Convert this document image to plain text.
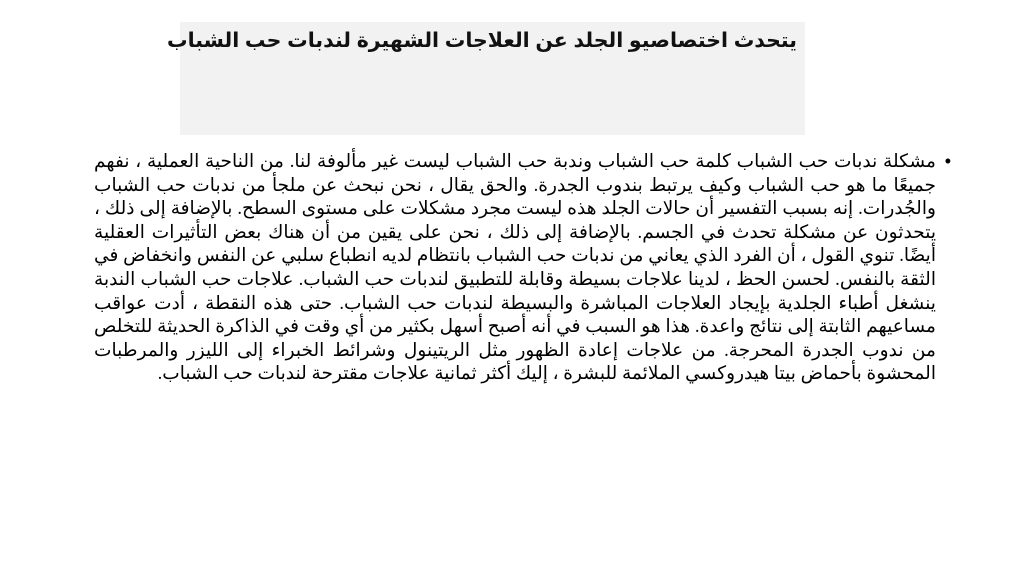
يتحدث اختصاصيو الجلد عن العلاجات الشهيرة لندبات حب الشباب
•

مشكلة ندبات حب الشباب كلمة حب الشباب وندبة حب الشباب ليست غير مألوفة لنا. من الناحية العملية ، نفهم جميعًا ما هو حب الشباب وكيف يرتبط بندوب الجدرة. والحق يقال ، نحن نبحث عن ملجأ من ندبات حب الشباب والجُدرات. إنه بسبب التفسير أن حالات الجلد هذه ليست مجرد مشكلات على مستوى السطح. بالإضافة إلى ذلك ، يتحدثون عن مشكلة تحدث في الجسم. بالإضافة إلى ذلك ، نحن على يقين من أن هناك بعض التأثيرات العقلية أيضًا. تنوي القول ، أن الفرد الذي يعاني من ندبات حب الشباب بانتظام لديه انطباع سلبي عن النفس وانخفاض في الثقة بالنفس. لحسن الحظ ، لدينا علاجات بسيطة وقابلة للتطبيق لندبات حب الشباب. علاجات حب الشباب الندبة ينشغل أطباء الجلدية بإيجاد العلاجات المباشرة والبسيطة لندبات حب الشباب. حتى هذه النقطة ، أدت عواقب مساعيهم الثابتة إلى نتائج واعدة. هذا هو السبب في أنه أصبح أسهل بكثير من أي وقت في الذاكرة الحديثة للتخلص من ندوب الجدرة المحرجة. من علاجات إعادة الظهور مثل الريتينول وشرائط الخبراء إلى الليزر والمرطبات المحشوة بأحماض بيتا هيدروكسي الملائمة للبشرة ، إليك أكثر ثمانية علاجات مقترحة لندبات حب الشباب.
